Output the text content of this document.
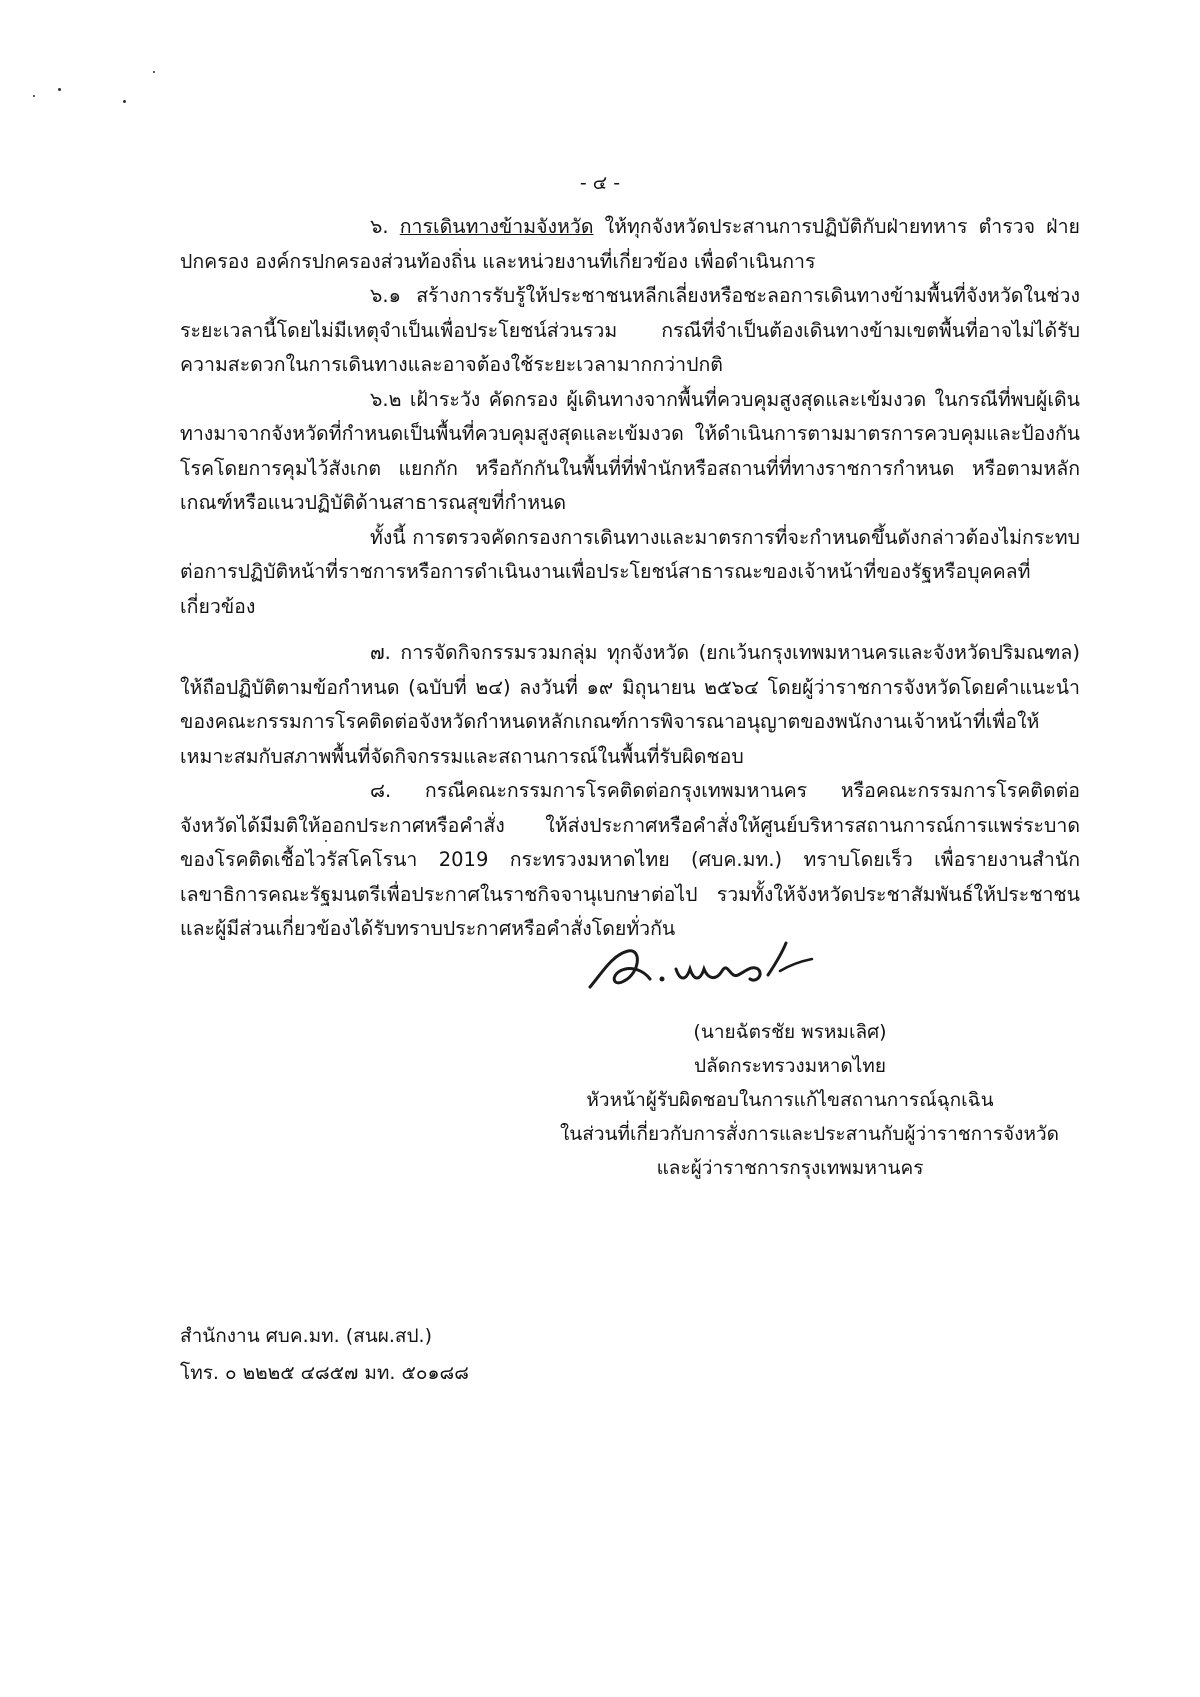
- ๔ -

๖. การเดินทางข้ามจังหวัด ให้ทุกจังหวัดประสานการปฏิบัติกับฝ่ายทหาร ตำรวจ ฝ่ายปกครอง องค์กรปกครองส่วนท้องถิ่น และหน่วยงานที่เกี่ยวข้อง เพื่อดำเนินการ

๖.๑ สร้างการรับรู้ให้ประชาชนหลีกเลี่ยงหรือชะลอการเดินทางข้ามพื้นที่จังหวัดในช่วงระยะเวลานี้โดยไม่มีเหตุจำเป็นเพื่อประโยชน์ส่วนรวม กรณีที่จำเป็นต้องเดินทางข้ามเขตพื้นที่อาจไม่ได้รับความสะดวกในการเดินทางและอาจต้องใช้ระยะเวลามากกว่าปกติ

๖.๒ เฝ้าระวัง คัดกรอง ผู้เดินทางจากพื้นที่ควบคุมสูงสุดและเข้มงวด ในกรณีที่พบผู้เดินทางมาจากจังหวัดที่กำหนดเป็นพื้นที่ควบคุมสูงสุดและเข้มงวด ให้ดำเนินการตามมาตรการควบคุมและป้องกันโรคโดยการคุมไว้สังเกต แยกกัก หรือกักกันในพื้นที่ที่พำนักหรือสถานที่ที่ทางราชการกำหนด หรือตามหลักเกณฑ์หรือแนวปฏิบัติด้านสาธารณสุขที่กำหนด

ทั้งนี้ การตรวจคัดกรองการเดินทางและมาตรการที่จะกำหนดขึ้นดังกล่าวต้องไม่กระทบต่อการปฏิบัติหน้าที่ราชการหรือการดำเนินงานเพื่อประโยชน์สาธารณะของเจ้าหน้าที่ของรัฐหรือบุคคลที่เกี่ยวข้อง

๗. การจัดกิจกรรมรวมกลุ่ม ทุกจังหวัด (ยกเว้นกรุงเทพมหานครและจังหวัดปริมณฑล) ให้ถือปฏิบัติตามข้อกำหนด (ฉบับที่ ๒๔) ลงวันที่ ๑๙ มิถุนายน ๒๕๖๔ โดยผู้ว่าราชการจังหวัดโดยคำแนะนำของคณะกรรมการโรคติดต่อจังหวัดกำหนดหลักเกณฑ์การพิจารณาอนุญาตของพนักงานเจ้าหน้าที่เพื่อให้เหมาะสมกับสภาพพื้นที่จัดกิจกรรมและสถานการณ์ในพื้นที่รับผิดชอบ

๘. กรณีคณะกรรมการโรคติดต่อกรุงเทพมหานคร หรือคณะกรรมการโรคติดต่อจังหวัดได้มีมติให้ออกประกาศหรือคำสั่ง ให้ส่งประกาศหรือคำสั่งให้ศูนย์บริหารสถานการณ์การแพร่ระบาดของโรคติดเชื้อไวรัสโคโรนา 2019 กระทรวงมหาดไทย (ศบค.มท.) ทราบโดยเร็ว เพื่อรายงานสำนักเลขาธิการคณะรัฐมนตรีเพื่อประกาศในราชกิจจานุเบกษาต่อไป รวมทั้งให้จังหวัดประชาสัมพันธ์ให้ประชาชนและผู้มีส่วนเกี่ยวข้องได้รับทราบประกาศหรือคำสั่งโดยทั่วกัน

(นายฉัตรชัย พรหมเลิศ)
ปลัดกระทรวงมหาดไทย
หัวหน้าผู้รับผิดชอบในการแก้ไขสถานการณ์ฉุกเฉิน
ในส่วนที่เกี่ยวกับการสั่งการและประสานกับผู้ว่าราชการจังหวัด
และผู้ว่าราชการกรุงเทพมหานคร
สำนักงาน ศบค.มท. (สนผ.สป.)
โทร. ๐ ๒๒๒๕ ๔๘๕๗ มท. ๕๐๑๘๘
